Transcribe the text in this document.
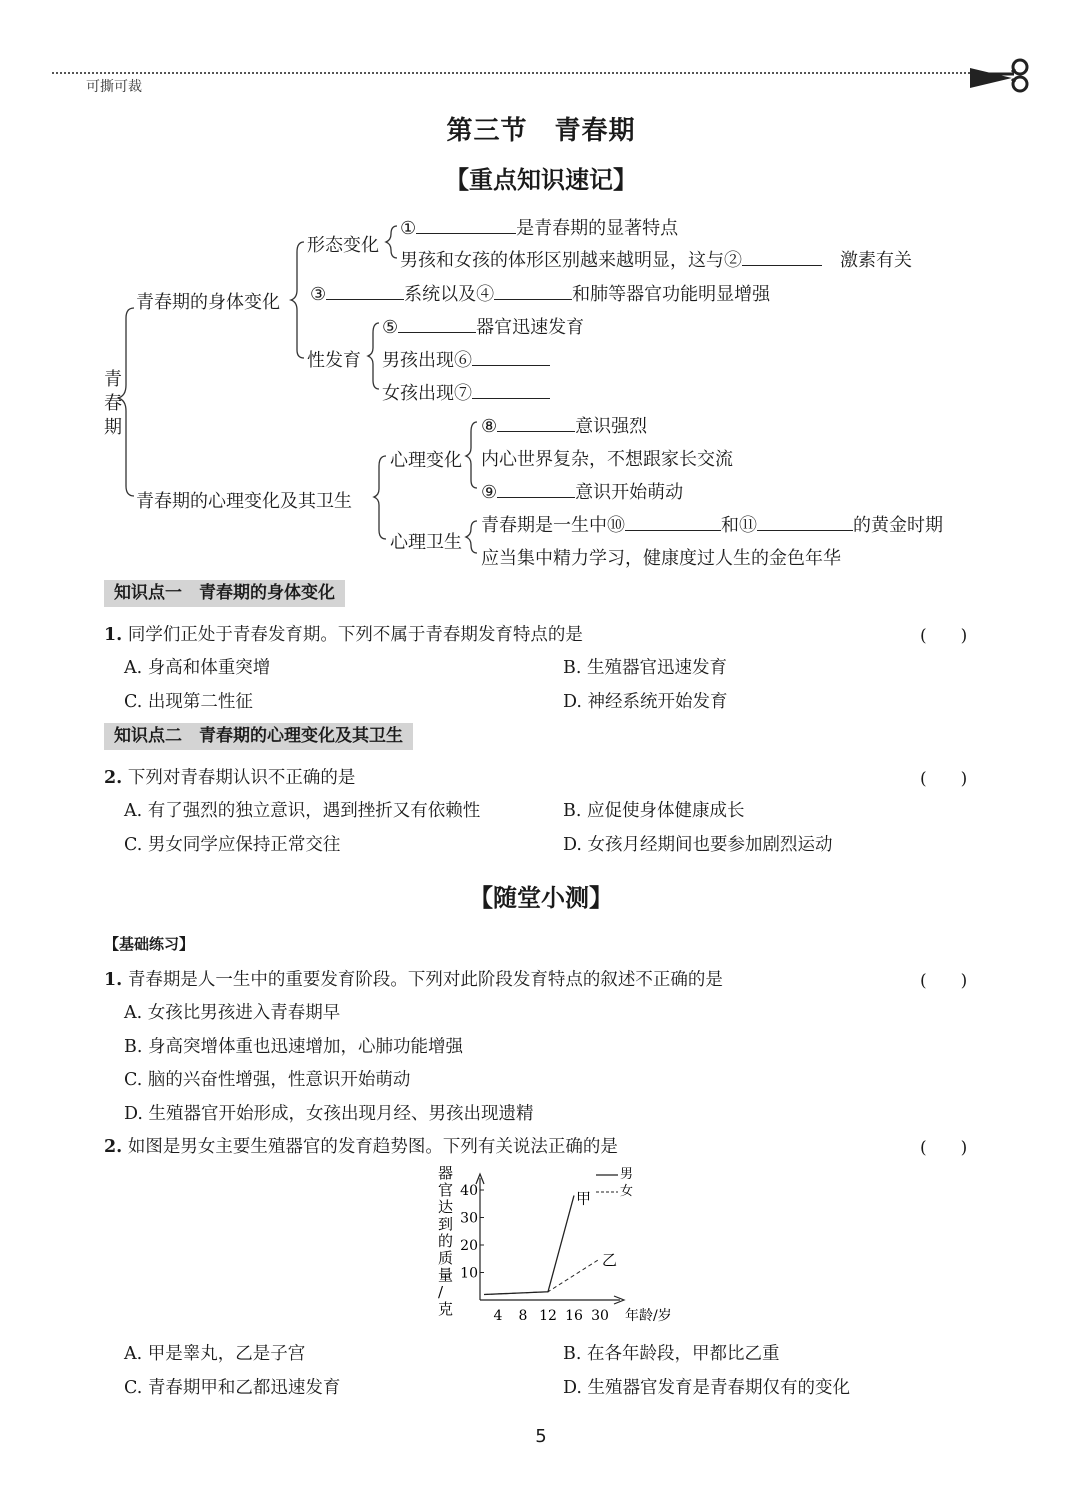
可撕可裁
第三节　青春期
【重点知识速记】
青春期
青春期的身体变化
形态变化
①	是青春期的显著特点
男孩和女孩的体形区别越来越明显，这与②　	激素有关
③	系统以及④	和肺等器官功能明显增强
性发育
⑤	器官迅速发育
男孩出现⑥
女孩出现⑦
青春期的心理变化及其卫生
心理变化
⑧	意识强烈
内心世界复杂，不想跟家长交流
⑨	意识开始萌动
心理卫生
青春期是一生中⑩	和⑪	的黄金时期
应当集中精力学习，健康度过人生的金色年华
知识点一　青春期的身体变化
1. 同学们正处于青春发育期。下列不属于青春期发育特点的是	(　　)
A. 身高和体重突增	B. 生殖器官迅速发育
C. 出现第二性征	D. 神经系统开始发育
知识点二　青春期的心理变化及其卫生
2. 下列对青春期认识不正确的是	(　　)
A. 有了强烈的独立意识，遇到挫折又有依赖性	B. 应促使身体健康成长
C. 男女同学应保持正常交往	D. 女孩月经期间也要参加剧烈运动
【随堂小测】
【基础练习】
1. 青春期是人一生中的重要发育阶段。下列对此阶段发育特点的叙述不正确的是	(　　)
A. 女孩比男孩进入青春期早
B. 身高突增体重也迅速增加，心肺功能增强
C. 脑的兴奋性增强，性意识开始萌动
D. 生殖器官开始形成，女孩出现月经、男孩出现遗精
2. 如图是男女主要生殖器官的发育趋势图。下列有关说法正确的是	(　　)
器
官
达
到
的
质
量
/
克
10
20
30
40
4 8 12 16 30 年龄/岁
男
女
甲
乙
A. 甲是睾丸，乙是子宫	B. 在各年龄段，甲都比乙重
C. 青春期甲和乙都迅速发育	D. 生殖器官发育是青春期仅有的变化
5
